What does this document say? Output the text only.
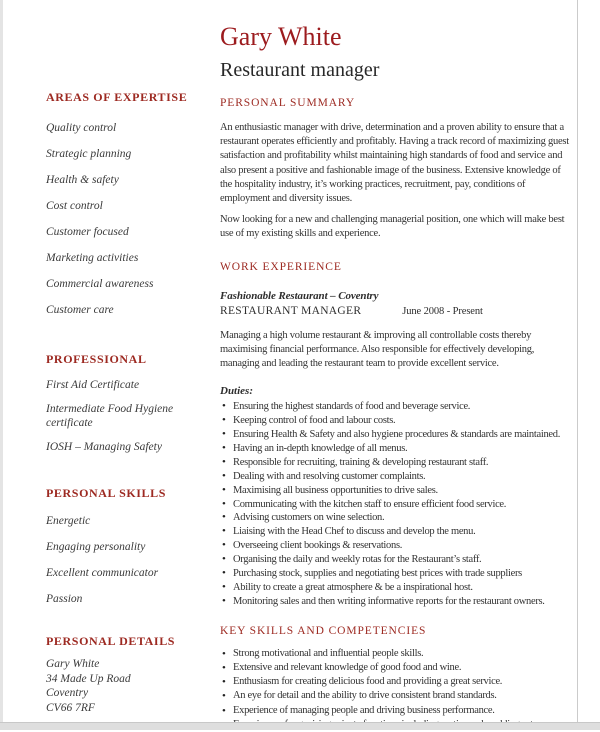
AREAS OF EXPERTISE
Quality control
Strategic planning
Health & safety
Cost control
Customer focused
Marketing activities
Commercial awareness
Customer care
PROFESSIONAL
First Aid Certificate
Intermediate Food Hygiene certificate
IOSH – Managing Safety
PERSONAL SKILLS
Energetic
Engaging personality
Excellent communicator
Passion
PERSONAL DETAILS
Gary White
34 Made Up Road
Coventry
CV66 7RF
Gary White
Restaurant manager
PERSONAL SUMMARY

An enthusiastic manager with drive, determination and a proven ability to ensure that a restaurant operates efficiently and profitably. Having a track record of maximizing guest satisfaction and profitability whilst maintaining high standards of food and service and also present a positive and fashionable image of the business. Extensive knowledge of the hospitality industry, it’s working practices, recruitment, pay, conditions of employment and diversity issues.

Now looking for a new and challenging managerial position, one which will make best use of my existing skills and experience.

WORK EXPERIENCE
Fashionable Restaurant – Coventry
RESTAURANT MANAGER	June 2008 - Present

Managing a high volume restaurant & improving all controllable costs thereby maximising financial performance. Also responsible for effectively developing, managing and leading the restaurant team to provide excellent service.

Duties:
• Ensuring the highest standards of food and beverage service.
• Keeping control of food and labour costs.
• Ensuring Health & Safety and also hygiene procedures & standards are maintained.
• Having an in-depth knowledge of all menus.
• Responsible for recruiting, training & developing restaurant staff.
• Dealing with and resolving customer complaints.
• Maximising all business opportunities to drive sales.
• Communicating with the kitchen staff to ensure efficient food service.
• Advising customers on wine selection.
• Liaising with the Head Chef to discuss and develop the menu.
• Overseeing client bookings & reservations.
• Organising the daily and weekly rotas for the Restaurant’s staff.
• Purchasing stock, supplies and negotiating best prices with trade suppliers
• Ability to create a great atmosphere & be a inspirational host.
• Monitoring sales and then writing informative reports for the restaurant owners.
KEY SKILLS AND COMPETENCIES
• Strong motivational and influential people skills.
• Extensive and relevant knowledge of good food and wine.
• Enthusiasm for creating delicious food and providing a great service.
• An eye for detail and the ability to drive consistent brand standards.
• Experience of managing people and driving business performance.
•
